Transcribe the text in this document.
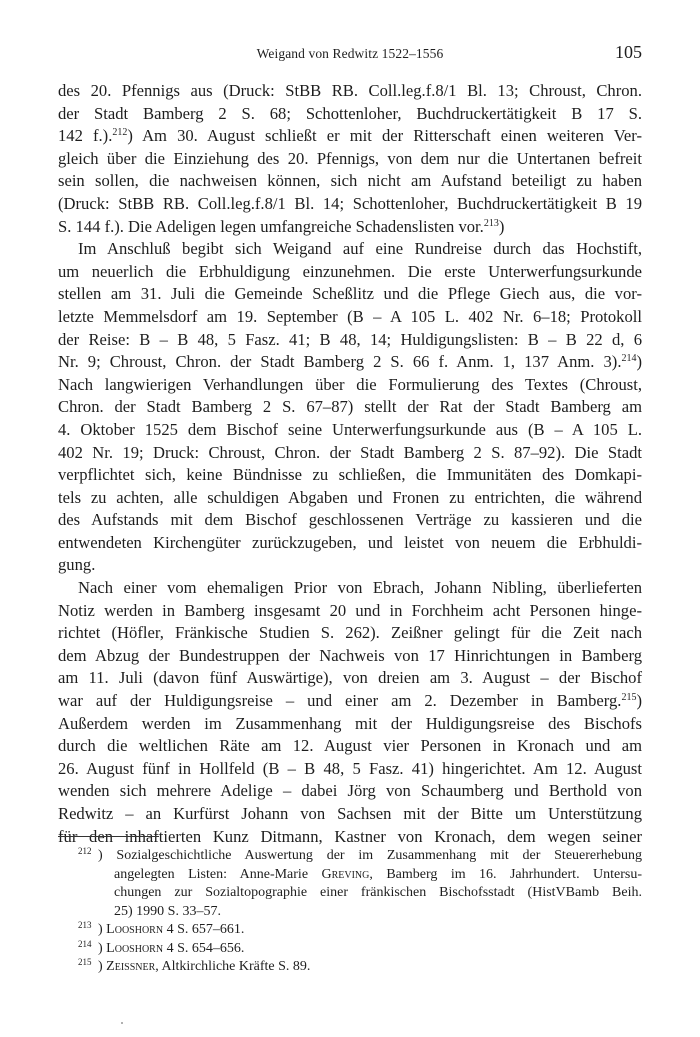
Weigand von Redwitz 1522–1556	105
des 20. Pfennigs aus (Druck: StBB RB. Coll.leg.f.8/1 Bl. 13; Chroust, Chron.
der Stadt Bamberg 2 S. 68; Schottenloher, Buchdruckertätigkeit B 17 S.
142 f.).$^{212}$) Am 30. August schließt er mit der Ritterschaft einen weiteren Ver-
gleich über die Einziehung des 20. Pfennigs, von dem nur die Untertanen befreit
sein sollen, die nachweisen können, sich nicht am Aufstand beteiligt zu haben
(Druck: StBB RB. Coll.leg.f.8/1 Bl. 14; Schottenloher, Buchdruckertätigkeit B 19
S. 144 f.). Die Adeligen legen umfangreiche Schadenslisten vor.$^{213}$)
Im Anschluß begibt sich Weigand auf eine Rundreise durch das Hochstift,
um neuerlich die Erbhuldigung einzunehmen. Die erste Unterwerfungsurkunde
stellen am 31. Juli die Gemeinde Scheßlitz und die Pflege Giech aus, die vor-
letzte Memmelsdorf am 19. September (B – A 105 L. 402 Nr. 6–18; Protokoll
der Reise: B – B 48, 5 Fasz. 41; B 48, 14; Huldigungslisten: B – B 22 d, 6
Nr. 9; Chroust, Chron. der Stadt Bamberg 2 S. 66 f. Anm. 1, 137 Anm. 3).$^{214}$)
Nach langwierigen Verhandlungen über die Formulierung des Textes (Chroust,
Chron. der Stadt Bamberg 2 S. 67–87) stellt der Rat der Stadt Bamberg am
4. Oktober 1525 dem Bischof seine Unterwerfungsurkunde aus (B – A 105 L.
402 Nr. 19; Druck: Chroust, Chron. der Stadt Bamberg 2 S. 87–92). Die Stadt
verpflichtet sich, keine Bündnisse zu schließen, die Immunitäten des Domkapi-
tels zu achten, alle schuldigen Abgaben und Fronen zu entrichten, die während
des Aufstands mit dem Bischof geschlossenen Verträge zu kassieren und die
entwendeten Kirchengüter zurückzugeben, und leistet von neuem die Erbhuldi-
gung.
Nach einer vom ehemaligen Prior von Ebrach, Johann Nibling, überlieferten
Notiz werden in Bamberg insgesamt 20 und in Forchheim acht Personen hinge-
richtet (Höfler, Fränkische Studien S. 262). Zeißner gelingt für die Zeit nach
dem Abzug der Bundestruppen der Nachweis von 17 Hinrichtungen in Bamberg
am 11. Juli (davon fünf Auswärtige), von dreien am 3. August – der Bischof
war auf der Huldigungsreise – und einer am 2. Dezember in Bamberg.$^{215}$)
Außerdem werden im Zusammenhang mit der Huldigungsreise des Bischofs
durch die weltlichen Räte am 12. August vier Personen in Kronach und am
26. August fünf in Hollfeld (B – B 48, 5 Fasz. 41) hingerichtet. Am 12. August
wenden sich mehrere Adelige – dabei Jörg von Schaumberg und Berthold von
Redwitz – an Kurfürst Johann von Sachsen mit der Bitte um Unterstützung
für den inhaftierten Kunz Ditmann, Kastner von Kronach, dem wegen seiner
$^{212}$ ) Sozialgeschichtliche Auswertung der im Zusammenhang mit der Steuererhebung
angelegten Listen: Anne-Marie Greving, Bamberg im 16. Jahrhundert. Untersu-
chungen zur Sozialtopographie einer fränkischen Bischofsstadt (HistVBamb Beih.
25) 1990 S. 33–57.
$^{213}$ ) Looshorn 4 S. 657–661.
$^{214}$ ) Looshorn 4 S. 654–656.
$^{215}$ ) Zeissner, Altkirchliche Kräfte S. 89.
